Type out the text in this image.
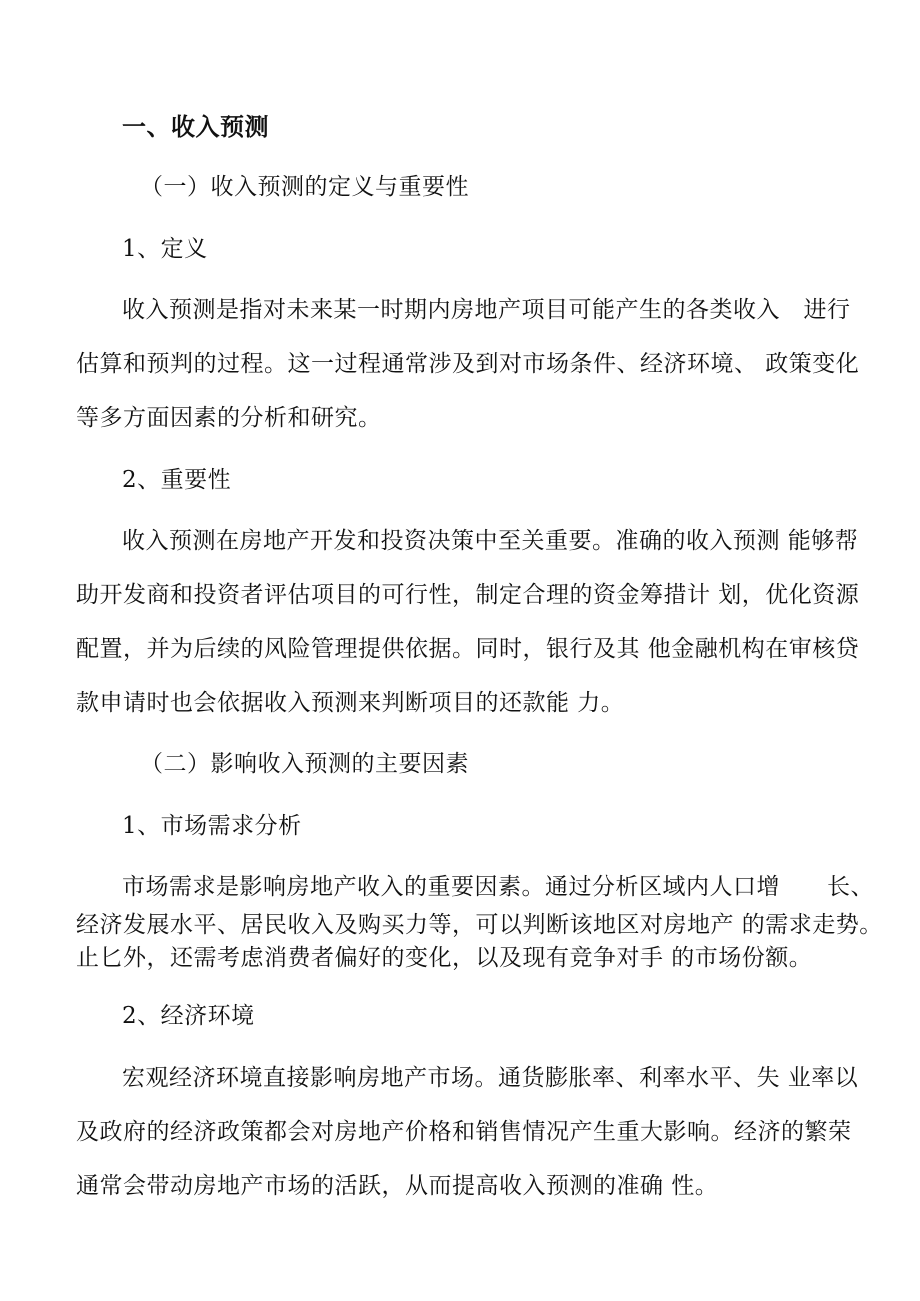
一、收入预测
（一）收入预测的定义与重要性
1、定义
收入预测是指对未来某一时期内房地产项目可能产生的各类收入　进行
估算和预判的过程。这一过程通常涉及到对市场条件、经济环境、 政策变化
等多方面因素的分析和研究。
2、重要性
收入预测在房地产开发和投资决策中至关重要。准确的收入预测 能够帮
助开发商和投资者评估项目的可行性，制定合理的资金筹措计 划，优化资源
配置，并为后续的风险管理提供依据。同时，银行及其 他金融机构在审核贷
款申请时也会依据收入预测来判断项目的还款能 力。
（二）影响收入预测的主要因素
1、市场需求分析
市场需求是影响房地产收入的重要因素。通过分析区域内人口增　　长、
经济发展水平、居民收入及购买力等，可以判断该地区对房地产 的需求走势。
止匕外，还需考虑消费者偏好的变化，以及现有竞争对手 的市场份额。
2、经济环境
宏观经济环境直接影响房地产市场。通货膨胀率、利率水平、失 业率以
及政府的经济政策都会对房地产价格和销售情况产生重大影响。经济的繁荣
通常会带动房地产市场的活跃，从而提高收入预测的准确 性。
